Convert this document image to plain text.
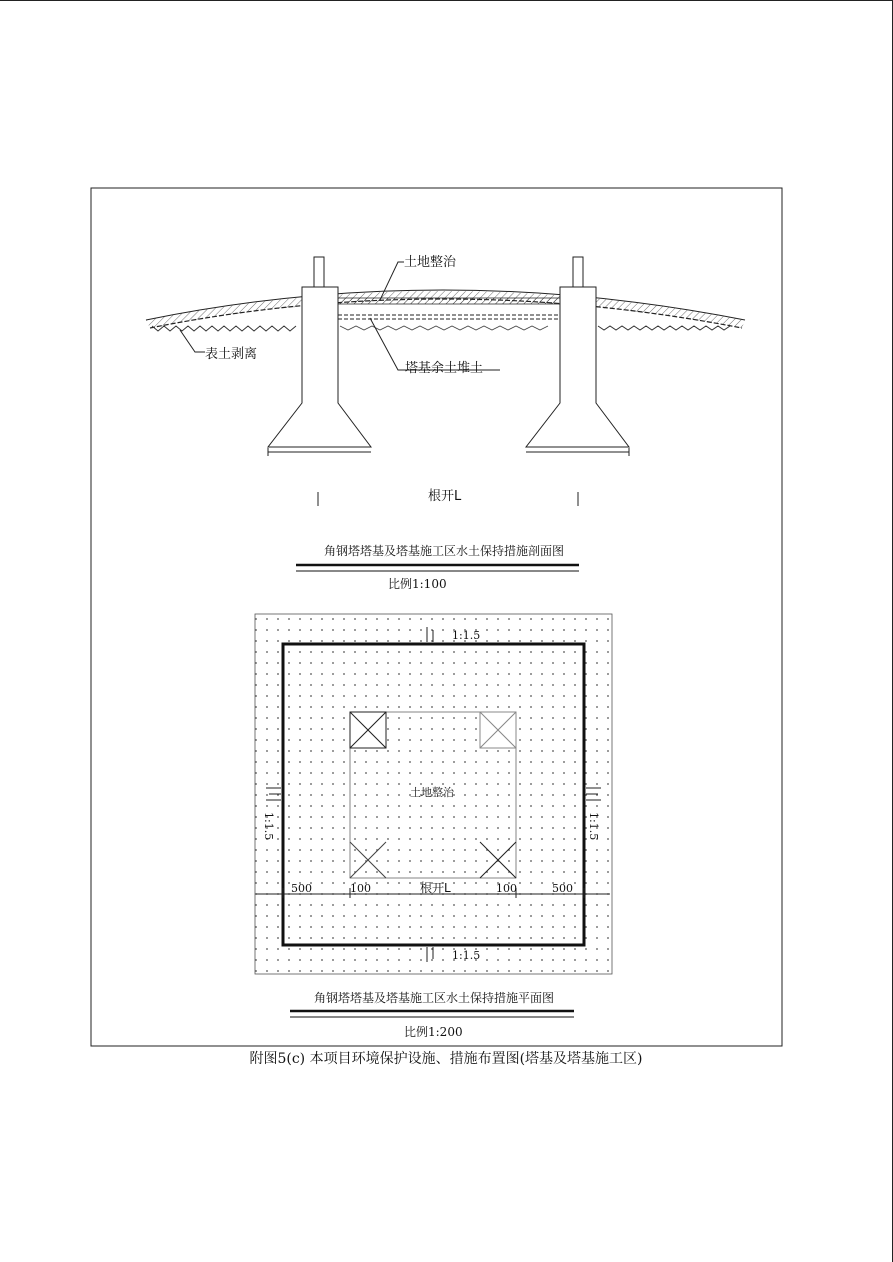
土地整治
表土剥离
塔基余土堆土
根开L
角钢塔塔基及塔基施工区水土保持措施剖面图
比例1:100
500	100	根开L	100	500
土地整治
1:1.5
1:1.5
1:1.5	1:1.5
角钢塔塔基及塔基施工区水土保持措施平面图
比例1:200
附图5(c) 本项目环境保护设施、措施布置图(塔基及塔基施工区)
